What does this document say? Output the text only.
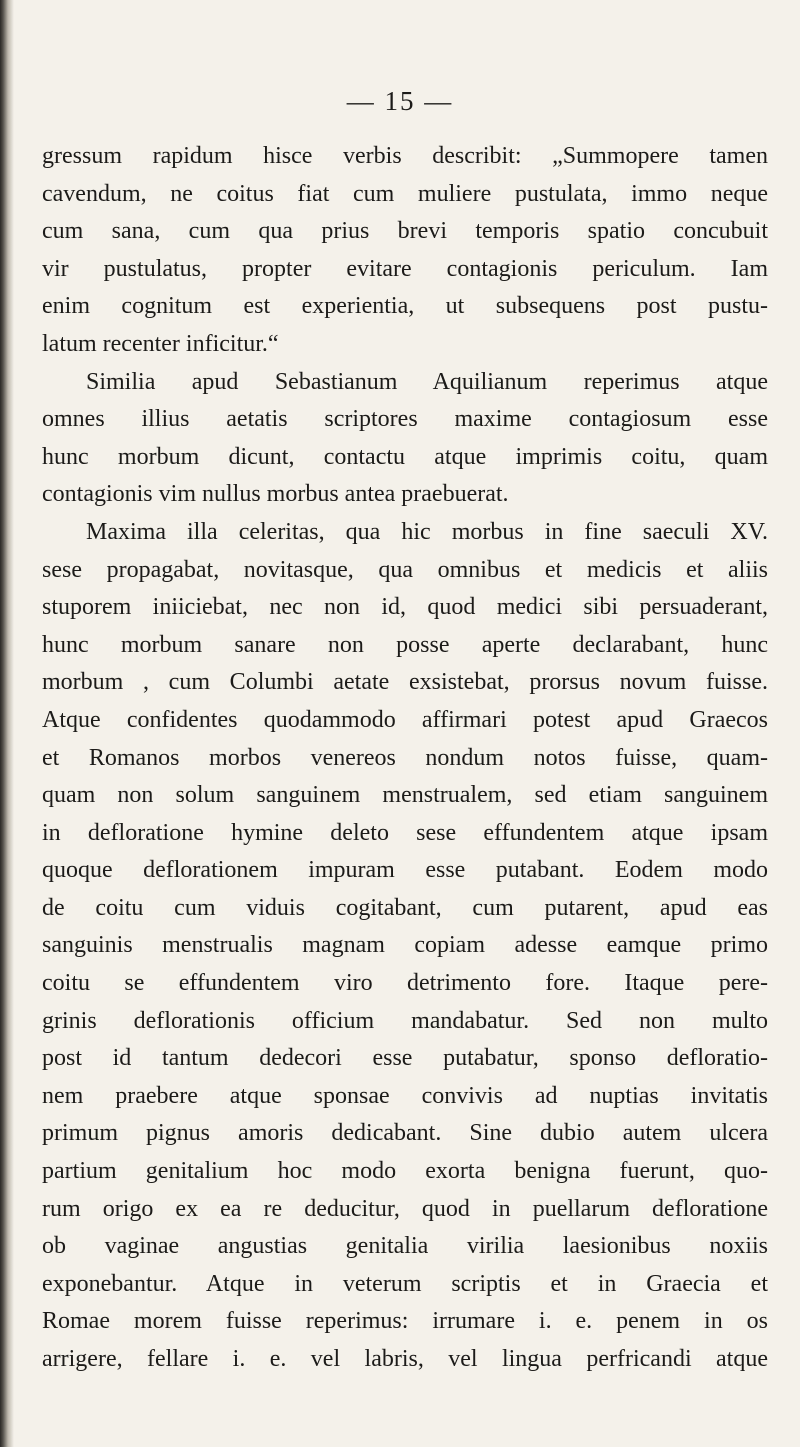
— 15 —
gressum rapidum hisce verbis describit: „Summopere tamen
cavendum, ne coitus fiat cum muliere pustulata, immo neque
cum sana, cum qua prius brevi temporis spatio concubuit
vir pustulatus, propter evitare contagionis periculum. Iam
enim cognitum est experientia, ut subsequens post pustu-
latum recenter inficitur.“
Similia apud Sebastianum Aquilianum reperimus atque
omnes illius aetatis scriptores maxime contagiosum esse
hunc morbum dicunt, contactu atque imprimis coitu, quam
contagionis vim nullus morbus antea praebuerat.
Maxima illa celeritas, qua hic morbus in fine saeculi XV.
sese propagabat, novitasque, qua omnibus et medicis et aliis
stuporem iniiciebat, nec non id, quod medici sibi persuaderant,
hunc morbum sanare non posse aperte declarabant, hunc
morbum , cum Columbi aetate exsistebat, prorsus novum fuisse.
Atque confidentes quodammodo affirmari potest apud Graecos
et Romanos morbos venereos nondum notos fuisse, quam-
quam non solum sanguinem menstrualem, sed etiam sanguinem
in defloratione hymine deleto sese effundentem atque ipsam
quoque deflorationem impuram esse putabant. Eodem modo
de coitu cum viduis cogitabant, cum putarent, apud eas
sanguinis menstrualis magnam copiam adesse eamque primo
coitu se effundentem viro detrimento fore. Itaque pere-
grinis deflorationis officium mandabatur. Sed non multo
post id tantum dedecori esse putabatur, sponso defloratio-
nem praebere atque sponsae convivis ad nuptias invitatis
primum pignus amoris dedicabant. Sine dubio autem ulcera
partium genitalium hoc modo exorta benigna fuerunt, quo-
rum origo ex ea re deducitur, quod in puellarum defloratione
ob vaginae angustias genitalia virilia laesionibus noxiis
exponebantur. Atque in veterum scriptis et in Graecia et
Romae morem fuisse reperimus: irrumare i. e. penem in os
arrigere, fellare i. e. vel labris, vel lingua perfricandi atque
